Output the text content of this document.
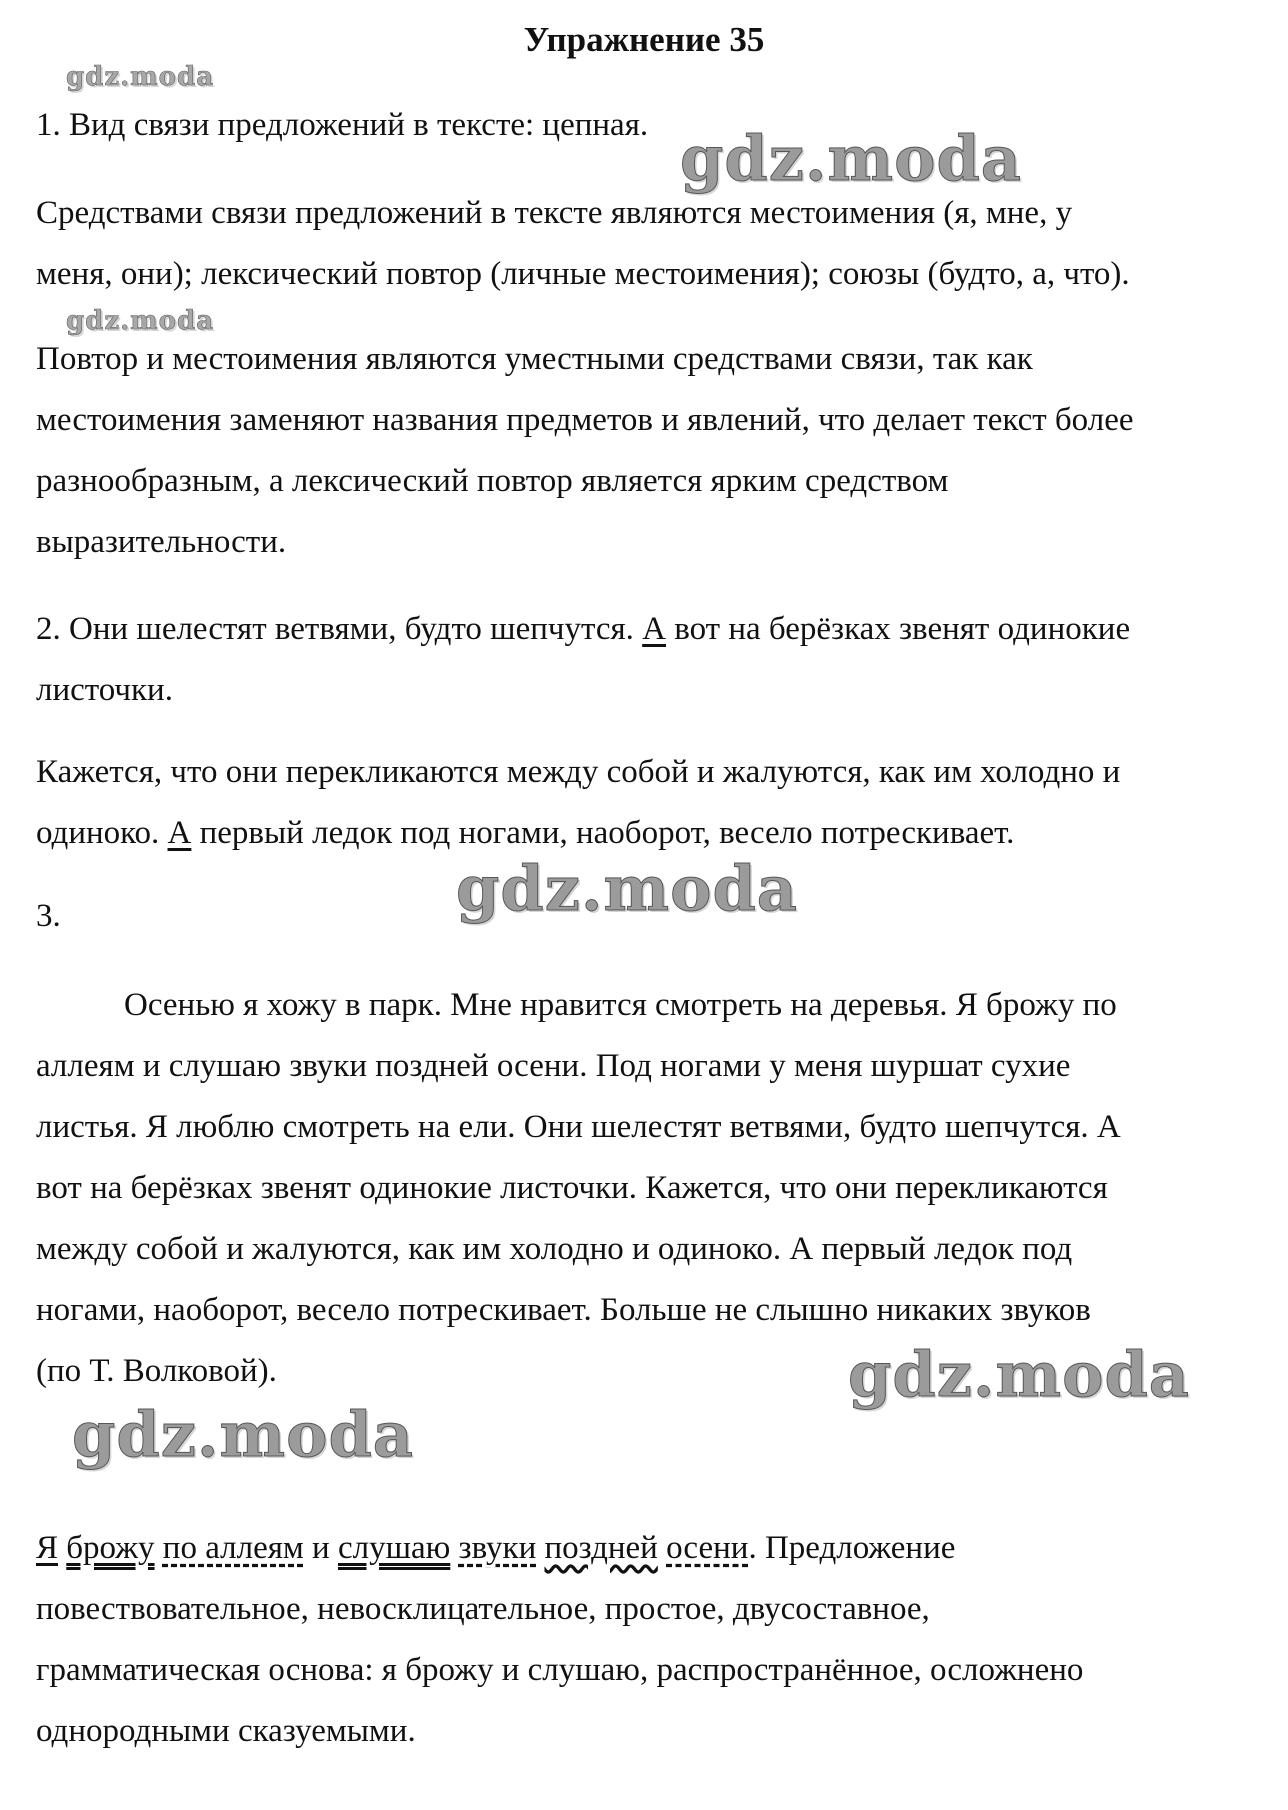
Упражнение 35
gdz.moda
gdz.moda
gdz.moda
gdz.moda
gdz.moda
gdz.moda
1. Вид связи предложений в тексте: цепная.
Средствами связи предложений в тексте являются местоимения (я, мне, у
меня, они); лексический повтор (личные местоимения); союзы (будто, а, что).
Повтор и местоимения являются уместными средствами связи, так как
местоимения заменяют названия предметов и явлений, что делает текст более
разнообразным, а лексический повтор является ярким средством
выразительности.
2. Они шелестят ветвями, будто шепчутся. А вот на берёзках звенят одинокие
листочки.
Кажется, что они перекликаются между собой и жалуются, как им холодно и
одиноко. А первый ледок под ногами, наоборот, весело потрескивает.
3.
Осенью я хожу в парк. Мне нравится смотреть на деревья. Я брожу по
аллеям и слушаю звуки поздней осени. Под ногами у меня шуршат сухие
листья. Я люблю смотреть на ели. Они шелестят ветвями, будто шепчутся. А
вот на берёзках звенят одинокие листочки. Кажется, что они перекликаются
между собой и жалуются, как им холодно и одиноко. А первый ледок под
ногами, наоборот, весело потрескивает. Больше не слышно никаких звуков
(по Т. Волковой).
Я брожу по аллеям и слушаю звуки поздней осени. Предложение
повествовательное, невосклицательное, простое, двусоставное,
грамматическая основа: я брожу и слушаю, распространённое, осложнено
однородными сказуемыми.
